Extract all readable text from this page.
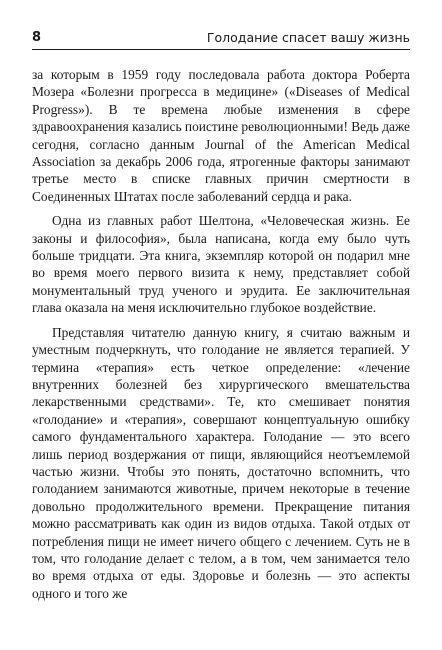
8	Голодание спасет вашу жизнь

за которым в 1959 году последовала работа доктора Роберта Мозера «Болезни прогресса в медицине» («Diseases of Medical Progress»). В те времена любые изменения в сфере здравоохранения казались поистине революционными! Ведь даже сегодня, согласно данным Journal of the American Medical Association за декабрь 2006 года, ятрогенные факторы занимают третье место в списке главных причин смертности в Соединенных Штатах после заболеваний сердца и рака.

Одна из главных работ Шелтона, «Человеческая жизнь. Ее законы и философия», была написана, когда ему было чуть больше тридцати. Эта книга, экземпляр которой он подарил мне во время моего первого визита к нему, представляет собой монументальный труд ученого и эрудита. Ее заключительная глава оказала на меня исключительно глубокое воздействие.

Представляя читателю данную книгу, я считаю важным и уместным подчеркнуть, что голодание не является терапией. У термина «терапия» есть четкое определение: «лечение внутренних болезней без хирургического вмешательства лекарственными средствами». Те, кто смешивает понятия «голодание» и «терапия», совершают концептуальную ошибку самого фундаментального характера. Голодание — это всего лишь период воздержания от пищи, являющийся неотъемлемой частью жизни. Чтобы это понять, достаточно вспомнить, что голоданием занимаются животные, причем некоторые в течение довольно продолжительного времени. Прекращение питания можно рассматривать как один из видов отдыха. Такой отдых от потребления пищи не имеет ничего общего с лечением. Суть не в том, что голодание делает с телом, а в том, чем занимается тело во время отдыха от еды. Здоровье и болезнь — это аспекты одного и того же
